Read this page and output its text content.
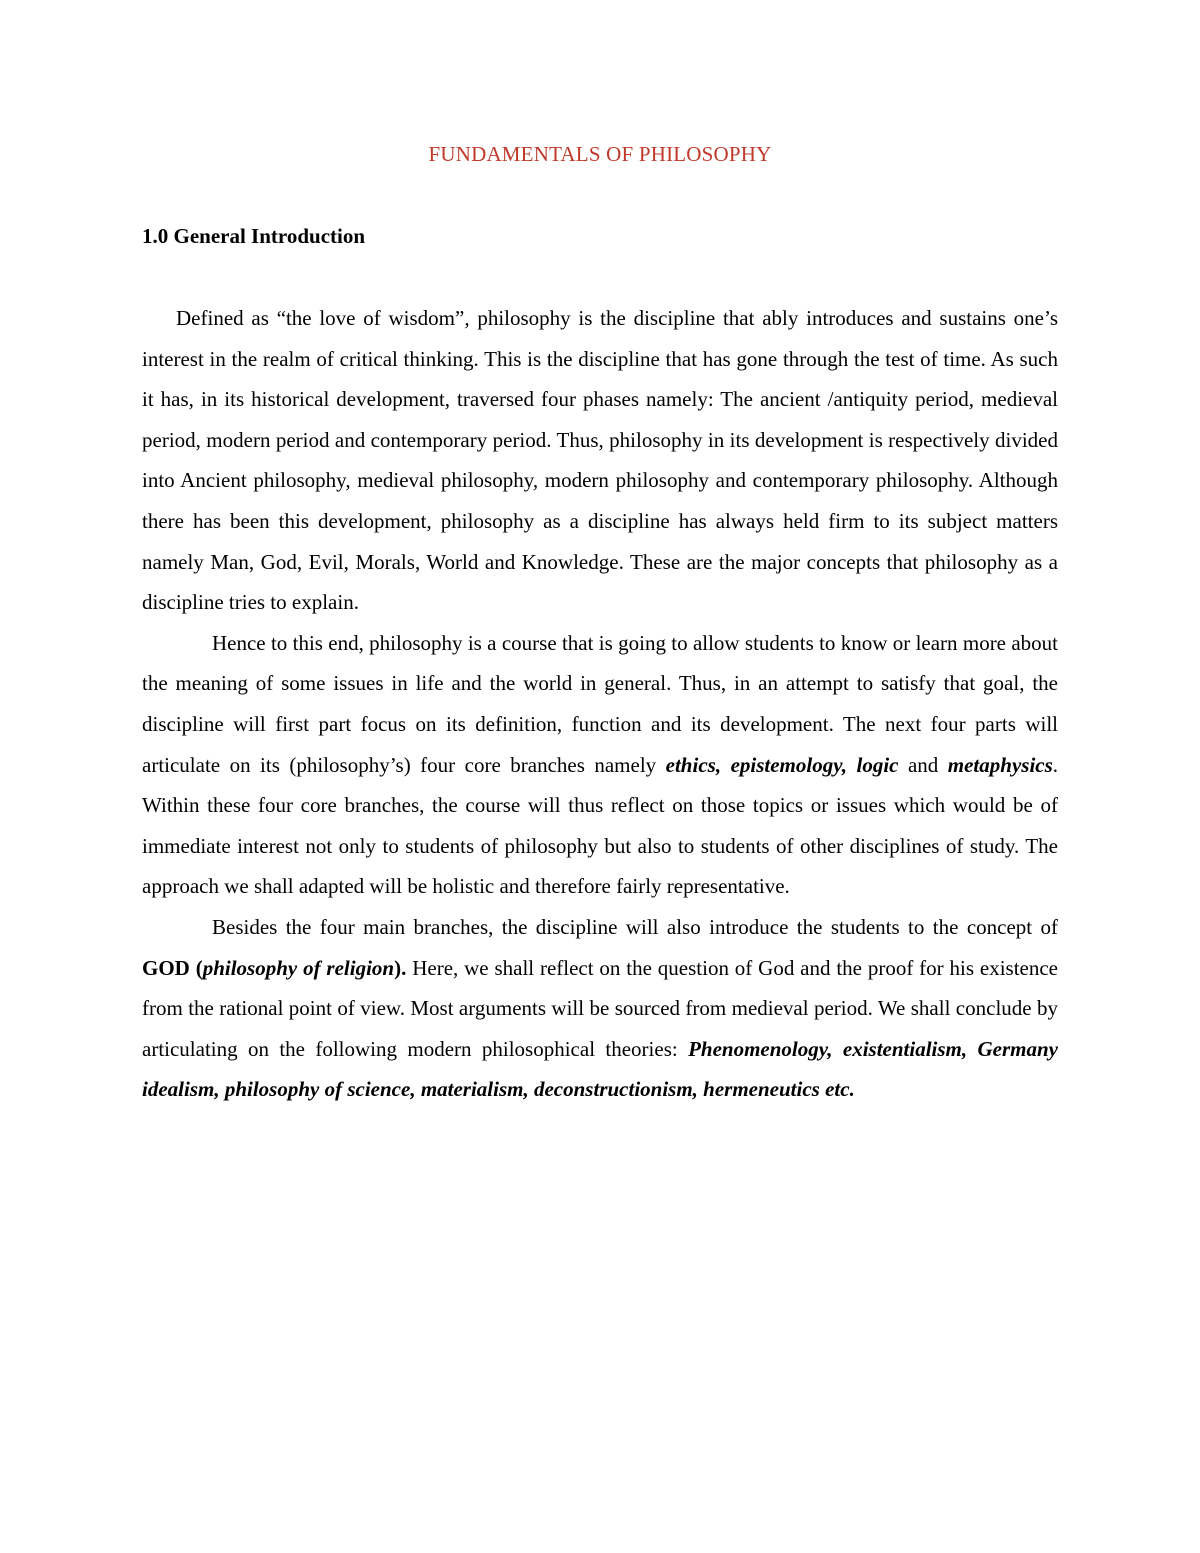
FUNDAMENTALS OF PHILOSOPHY
1.0 General Introduction

Defined as “the love of wisdom”, philosophy is the discipline that ably introduces and sustains one’s interest in the realm of critical thinking. This is the discipline that has gone through the test of time. As such it has, in its historical development, traversed four phases namely: The ancient /antiquity period, medieval period, modern period and contemporary period. Thus, philosophy in its development is respectively divided into Ancient philosophy, medieval philosophy, modern philosophy and contemporary philosophy. Although there has been this development, philosophy as a discipline has always held firm to its subject matters namely Man, God, Evil, Morals, World and Knowledge. These are the major concepts that philosophy as a discipline tries to explain.

Hence to this end, philosophy is a course that is going to allow students to know or learn more about the meaning of some issues in life and the world in general. Thus, in an attempt to satisfy that goal, the discipline will first part focus on its definition, function and its development. The next four parts will articulate on its (philosophy’s) four core branches namely ethics, epistemology, logic and metaphysics. Within these four core branches, the course will thus reflect on those topics or issues which would be of immediate interest not only to students of philosophy but also to students of other disciplines of study. The approach we shall adapted will be holistic and therefore fairly representative.

Besides the four main branches, the discipline will also introduce the students to the concept of GOD (philosophy of religion). Here, we shall reflect on the question of God and the proof for his existence from the rational point of view. Most arguments will be sourced from medieval period. We shall conclude by articulating on the following modern philosophical theories: Phenomenology, existentialism, Germany idealism, philosophy of science, materialism, deconstructionism, hermeneutics etc.
